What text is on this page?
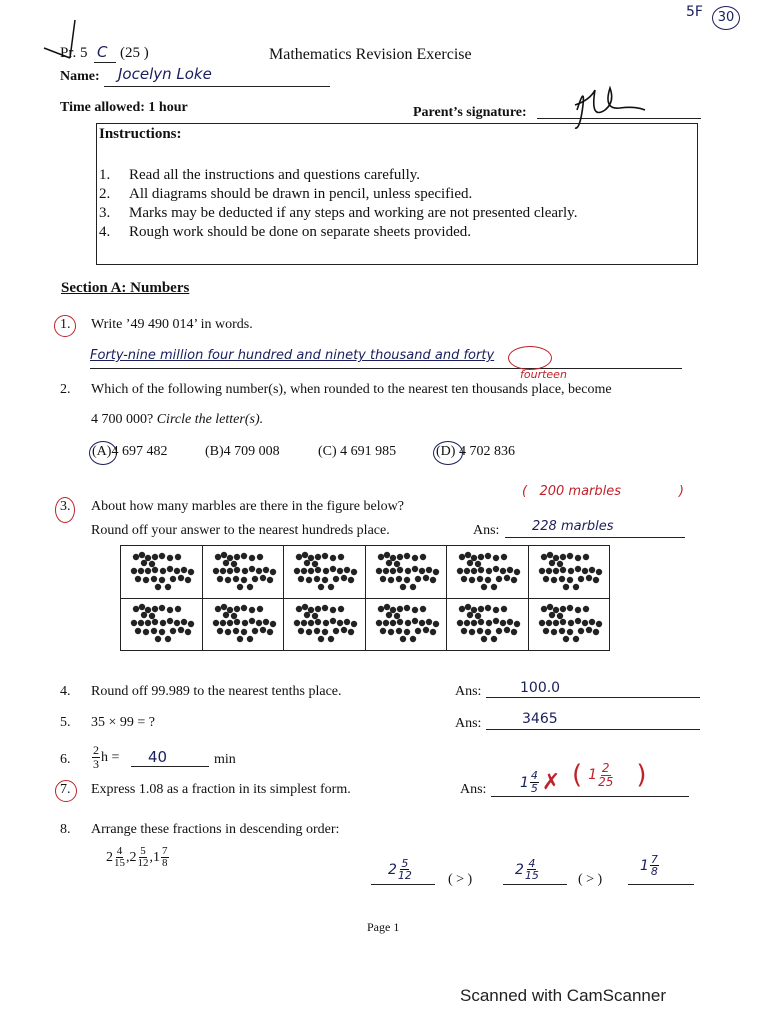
5F	30
Pr. 5 C (25 )	Mathematics Revision Exercise
Name: Jocelyn Loke
Time allowed: 1 hour	Parent’s signature:
Instructions:
1.	Read all the instructions and questions carefully.
2.	All diagrams should be drawn in pencil, unless specified.
3.	Marks may be deducted if any steps and working are not presented clearly.
4.	Rough work should be done on separate sheets provided.
Section A: Numbers
1. Write ’49 490 014’ in words.
Forty-nine million four hundred and ninety thousand and forty
fourteen
2. Which of the following number(s), when rounded to the nearest ten thousands place, become
4 700 000? Circle the letter(s).
(A)4 697 482	(B)4 709 008	(C) 4 691 985	(D) 4 702 836
3. About how many marbles are there in the figure below?
Round off your answer to the nearest hundreds place.	Ans:
(   200 marbles              )
228 marbles

4. Round off 99.989 to the nearest tenths place.	Ans:	100.0
5. 35 × 99 = ?	Ans:	3465
6. $\frac{2}{3}$ h = 40	min
7. Express 1.08 as a fraction in its simplest form.	Ans: $1 \frac{4}{5}$ ✗ ( $1 \frac{2}{25}$ )
8. Arrange these fractions in descending order:
$2 \frac{4}{15}$ , $2 \frac{5}{12}$ , $1 \frac{7}{8}$
$2 \frac{5}{12}$	( > )
$2 \frac{4}{15}$	( > )
$1 \frac{7}{8}$
Page 1
Scanned with CamScanner
